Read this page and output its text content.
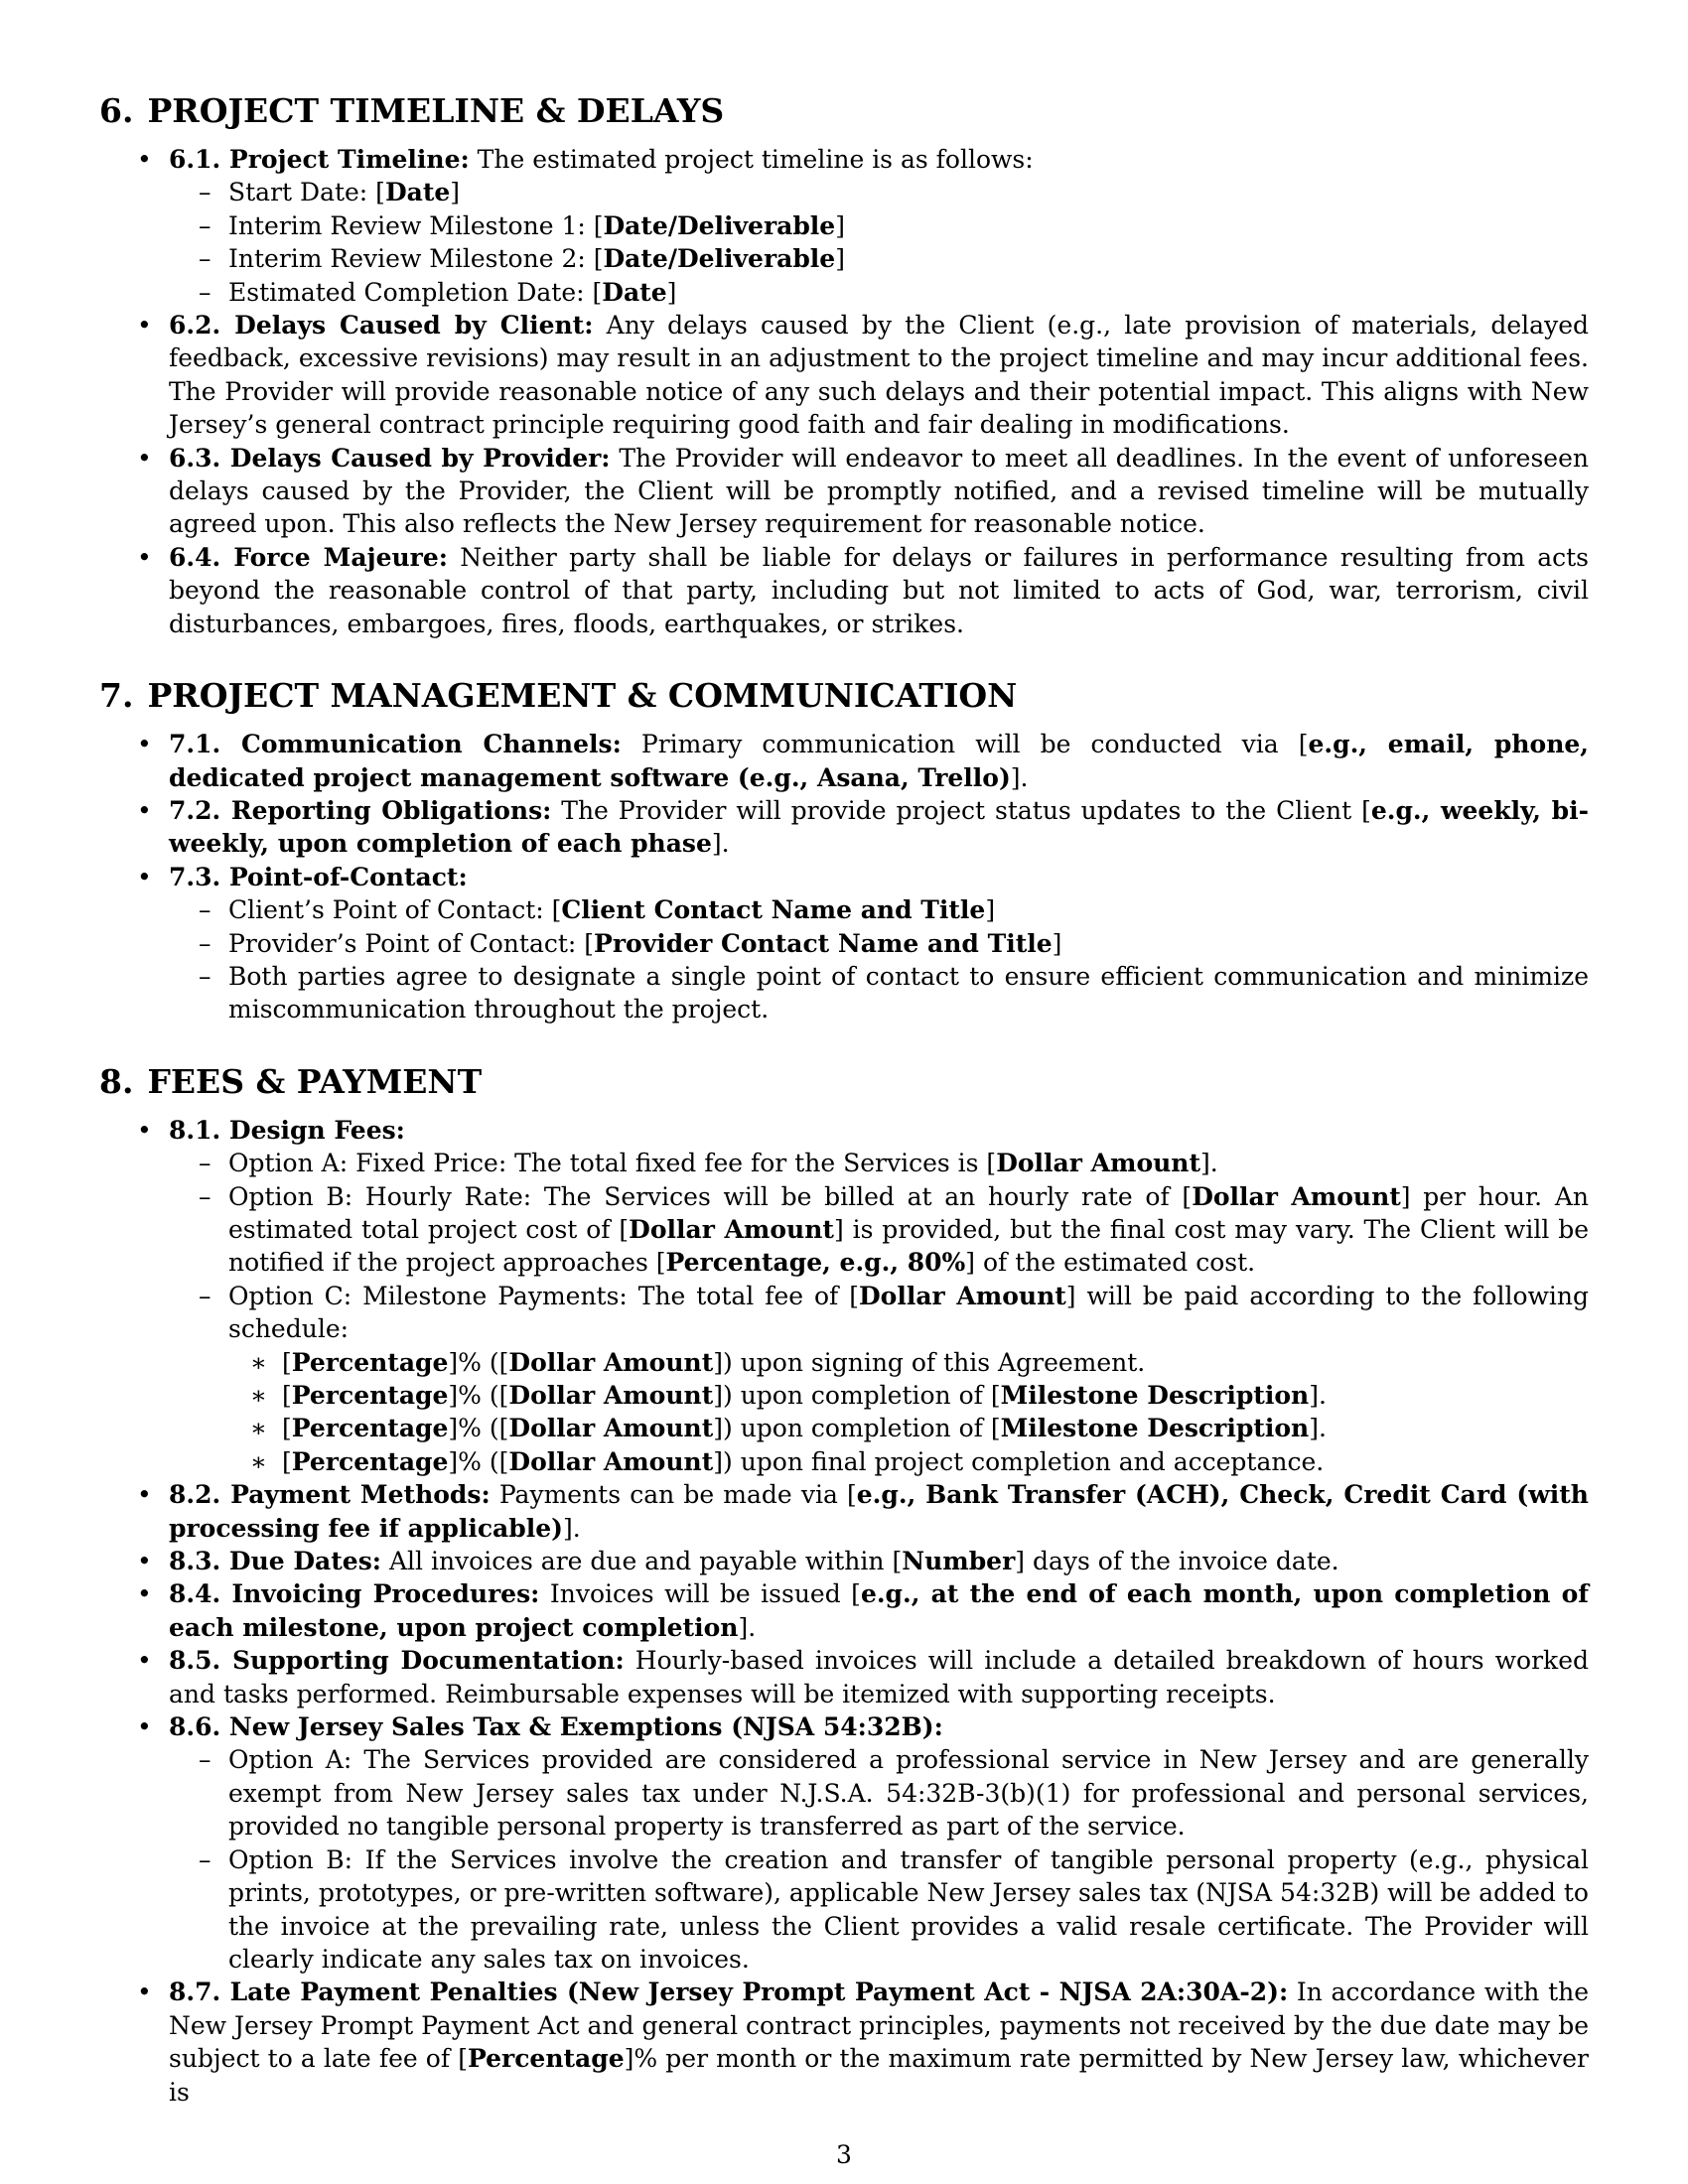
6. PROJECT TIMELINE & DELAYS
• 6.1. Project Timeline: The estimated project timeline is as follows:
– Start Date: [Date]
– Interim Review Milestone 1: [Date/Deliverable]
– Interim Review Milestone 2: [Date/Deliverable]
– Estimated Completion Date: [Date]
• 6.2. Delays Caused by Client: Any delays caused by the Client (e.g., late provision of materials, delayed feedback, excessive revisions) may result in an adjustment to the project timeline and may incur additional fees. The Provider will provide reasonable notice of any such delays and their potential impact. This aligns with New Jersey’s general contract principle requiring good faith and fair dealing in modifications.
• 6.3. Delays Caused by Provider: The Provider will endeavor to meet all deadlines. In the event of unforeseen delays caused by the Provider, the Client will be promptly notified, and a revised timeline will be mutually agreed upon. This also reflects the New Jersey requirement for reasonable notice.
• 6.4. Force Majeure: Neither party shall be liable for delays or failures in performance resulting from acts beyond the reasonable control of that party, including but not limited to acts of God, war, terrorism, civil disturbances, embargoes, fires, floods, earthquakes, or strikes.
7. PROJECT MANAGEMENT & COMMUNICATION
• 7.1. Communication Channels: Primary communication will be conducted via [e.g., email, phone, dedicated project management software (e.g., Asana, Trello)].
• 7.2. Reporting Obligations: The Provider will provide project status updates to the Client [e.g., weekly, bi-weekly, upon completion of each phase].
• 7.3. Point-of-Contact:
– Client’s Point of Contact: [Client Contact Name and Title]
– Provider’s Point of Contact: [Provider Contact Name and Title]
– Both parties agree to designate a single point of contact to ensure efficient communication and minimize miscommunication throughout the project.
8. FEES & PAYMENT
• 8.1. Design Fees:
– Option A: Fixed Price: The total fixed fee for the Services is [Dollar Amount].
– Option B: Hourly Rate: The Services will be billed at an hourly rate of [Dollar Amount] per hour. An estimated total project cost of [Dollar Amount] is provided, but the final cost may vary. The Client will be notified if the project approaches [Percentage, e.g., 80%] of the estimated cost.
– Option C: Milestone Payments: The total fee of [Dollar Amount] will be paid according to the following schedule:
∗ [Percentage]% ([Dollar Amount]) upon signing of this Agreement.
∗ [Percentage]% ([Dollar Amount]) upon completion of [Milestone Description].
∗ [Percentage]% ([Dollar Amount]) upon completion of [Milestone Description].
∗ [Percentage]% ([Dollar Amount]) upon final project completion and acceptance.
• 8.2. Payment Methods: Payments can be made via [e.g., Bank Transfer (ACH), Check, Credit Card (with processing fee if applicable)].
• 8.3. Due Dates: All invoices are due and payable within [Number] days of the invoice date.
• 8.4. Invoicing Procedures: Invoices will be issued [e.g., at the end of each month, upon completion of each milestone, upon project completion].
• 8.5. Supporting Documentation: Hourly-based invoices will include a detailed breakdown of hours worked and tasks performed. Reimbursable expenses will be itemized with supporting receipts.
• 8.6. New Jersey Sales Tax & Exemptions (NJSA 54:32B):
– Option A: The Services provided are considered a professional service in New Jersey and are generally exempt from New Jersey sales tax under N.J.S.A. 54:32B-3(b)(1) for professional and personal services, provided no tangible personal property is transferred as part of the service.
– Option B: If the Services involve the creation and transfer of tangible personal property (e.g., physical prints, prototypes, or pre-written software), applicable New Jersey sales tax (NJSA 54:32B) will be added to the invoice at the prevailing rate, unless the Client provides a valid resale certificate. The Provider will clearly indicate any sales tax on invoices.
• 8.7. Late Payment Penalties (New Jersey Prompt Payment Act - NJSA 2A:30A-2): In accordance with the New Jersey Prompt Payment Act and general contract principles, payments not received by the due date may be subject to a late fee of [Percentage]% per month or the maximum rate permitted by New Jersey law, whichever is
3
